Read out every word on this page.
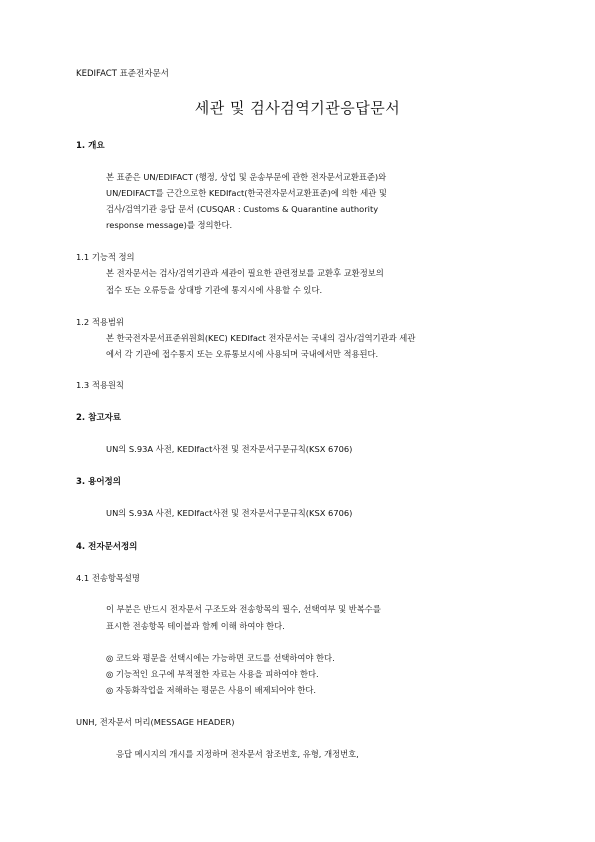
KEDIFACT 표준전자문서
세관 및 검사검역기관응답문서
1. 개요
본 표준은 UN/EDIFACT (행정, 상업 및 운송부문에 관한 전자문서교환표준)와
UN/EDIFACT를 근간으로한 KEDIfact(한국전자문서교환표준)에 의한 세관 및
검사/검역기관 응답 문서 (CUSQAR : Customs & Quarantine authority
response message)를 정의한다.
1.1 기능적 정의
본 전자문서는 검사/검역기관과 세관이 필요한 관련정보를 교환후 교환정보의
접수 또는 오류등을 상대방 기관에 통지시에 사용할 수 있다.
1.2 적용범위
본 한국전자문서표준위원회(KEC) KEDIfact 전자문서는 국내의 검사/검역기관과 세관
에서 각 기관에 접수통지 또는 오류통보시에 사용되며 국내에서만 적용된다.
1.3 적용원칙
2. 참고자료
UN의 S.93A 사전, KEDIfact사전 및 전자문서구문규칙(KSX 6706)
3. 용어정의
UN의 S.93A 사전, KEDIfact사전 및 전자문서구문규칙(KSX 6706)
4. 전자문서정의
4.1 전송항목설명
이 부분은 반드시 전자문서 구조도와 전송항목의 필수, 선택여부 및 반복수를
표시한 전송항목 테이블과 함께 이해 하여야 한다.
◎ 코드와 평문을 선택시에는 가능하면 코드를 선택하여야 한다.
◎ 기능적인 요구에 부적절한 자료는 사용을 피하여야 한다.
◎ 자동화작업을 저해하는 평문은 사용이 배제되어야 한다.
UNH, 전자문서 머리(MESSAGE HEADER)
응답 메시지의 개시를 지정하며 전자문서 참조번호, 유형, 개정번호,
